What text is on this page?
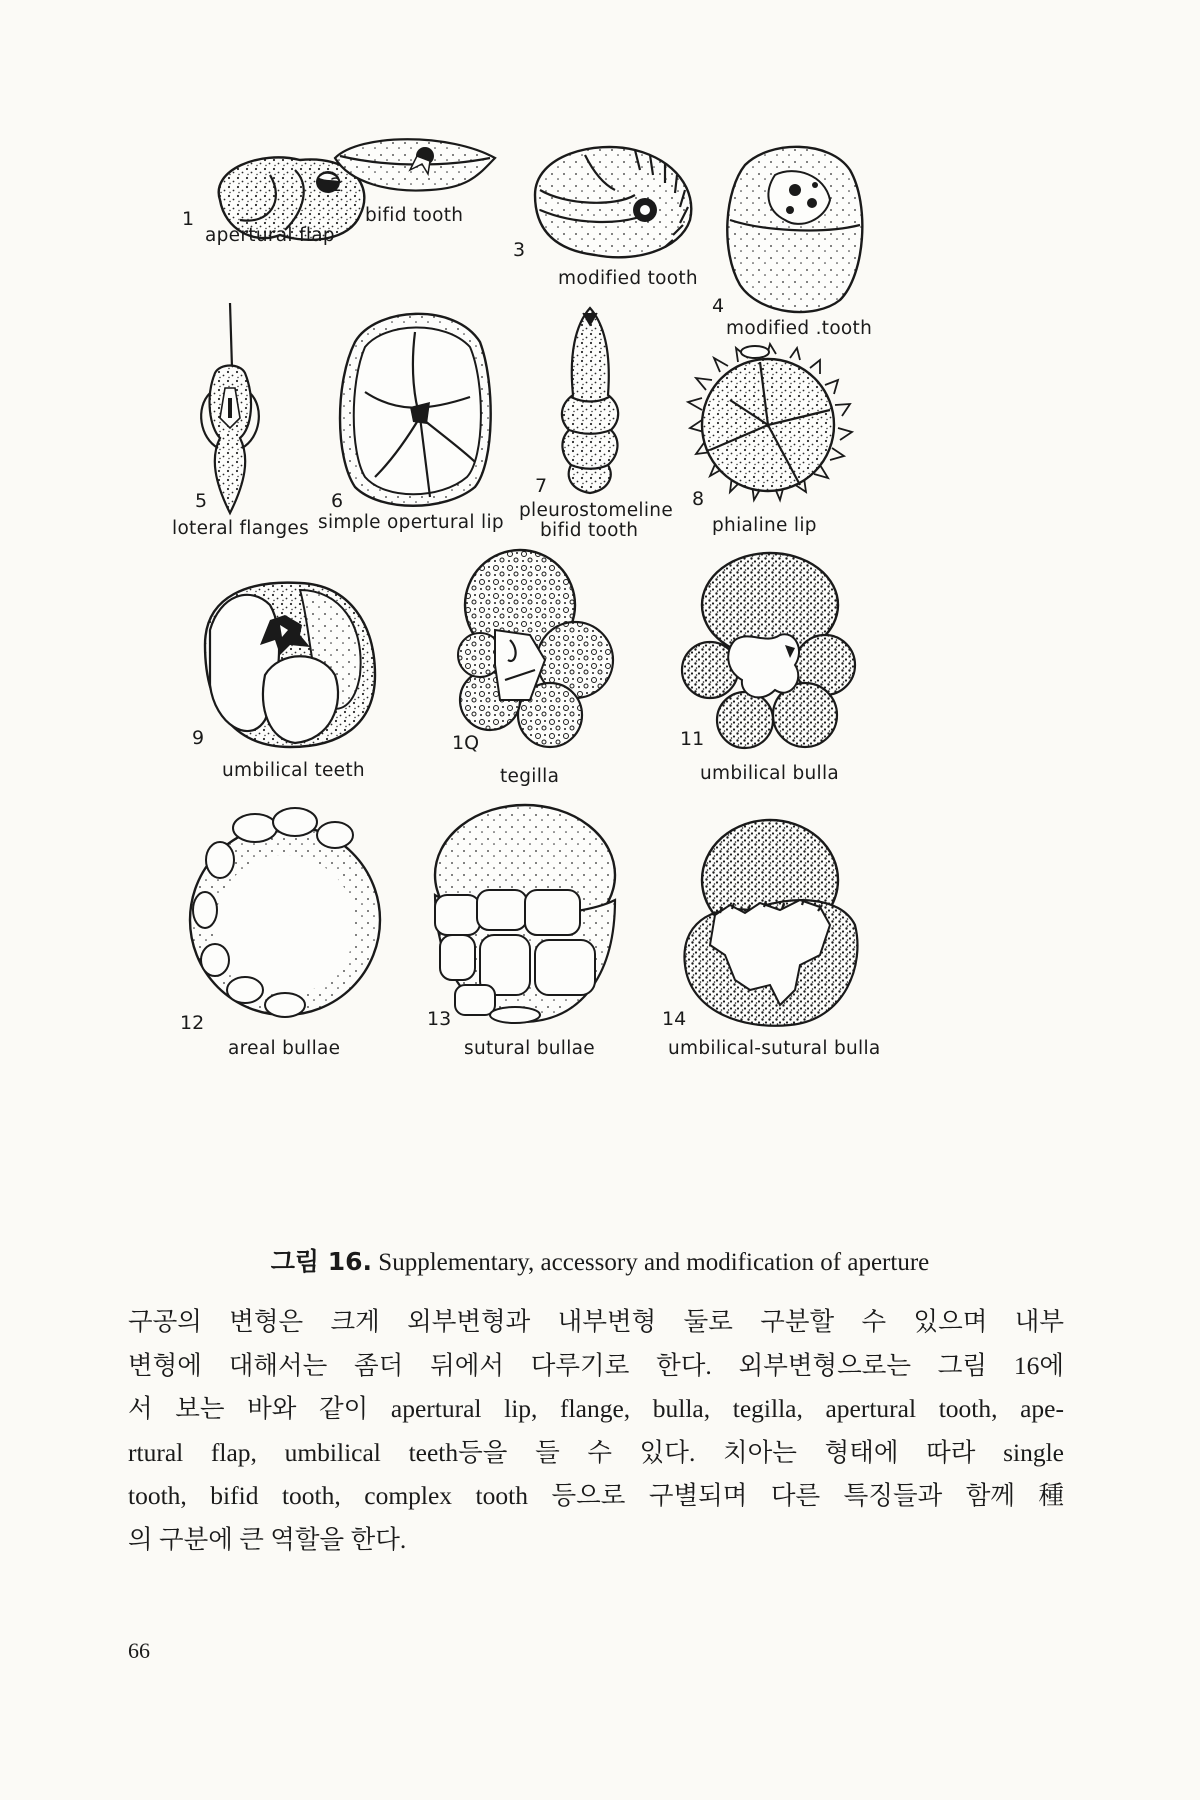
1
apertural flap
2
bifid tooth
3
modified tooth
4
modified .tooth
5
loteral flanges
6
simple opertural lip
7
pleurostomeline
bifid tooth
8
phialine lip
9
umbilical teeth
1Q
tegilla
11
umbilical bulla
12
areal bullae
13
sutural bullae
14
umbilical-sutural bulla
그림 16. Supplementary, accessory and modification of aperture
구공의 변형은 크게 외부변형과 내부변형 둘로 구분할 수 있으며 내부
변형에 대해서는 좀더 뒤에서 다루기로 한다. 외부변형으로는 그림 16에
서 보는 바와 같이 apertural lip, flange, bulla, tegilla, apertural tooth, ape-
rtural flap, umbilical teeth등을 들 수 있다. 치아는 형태에 따라 single
tooth, bifid tooth, complex tooth 등으로 구별되며 다른 특징들과 함께 種
의 구분에 큰 역할을 한다.
66
